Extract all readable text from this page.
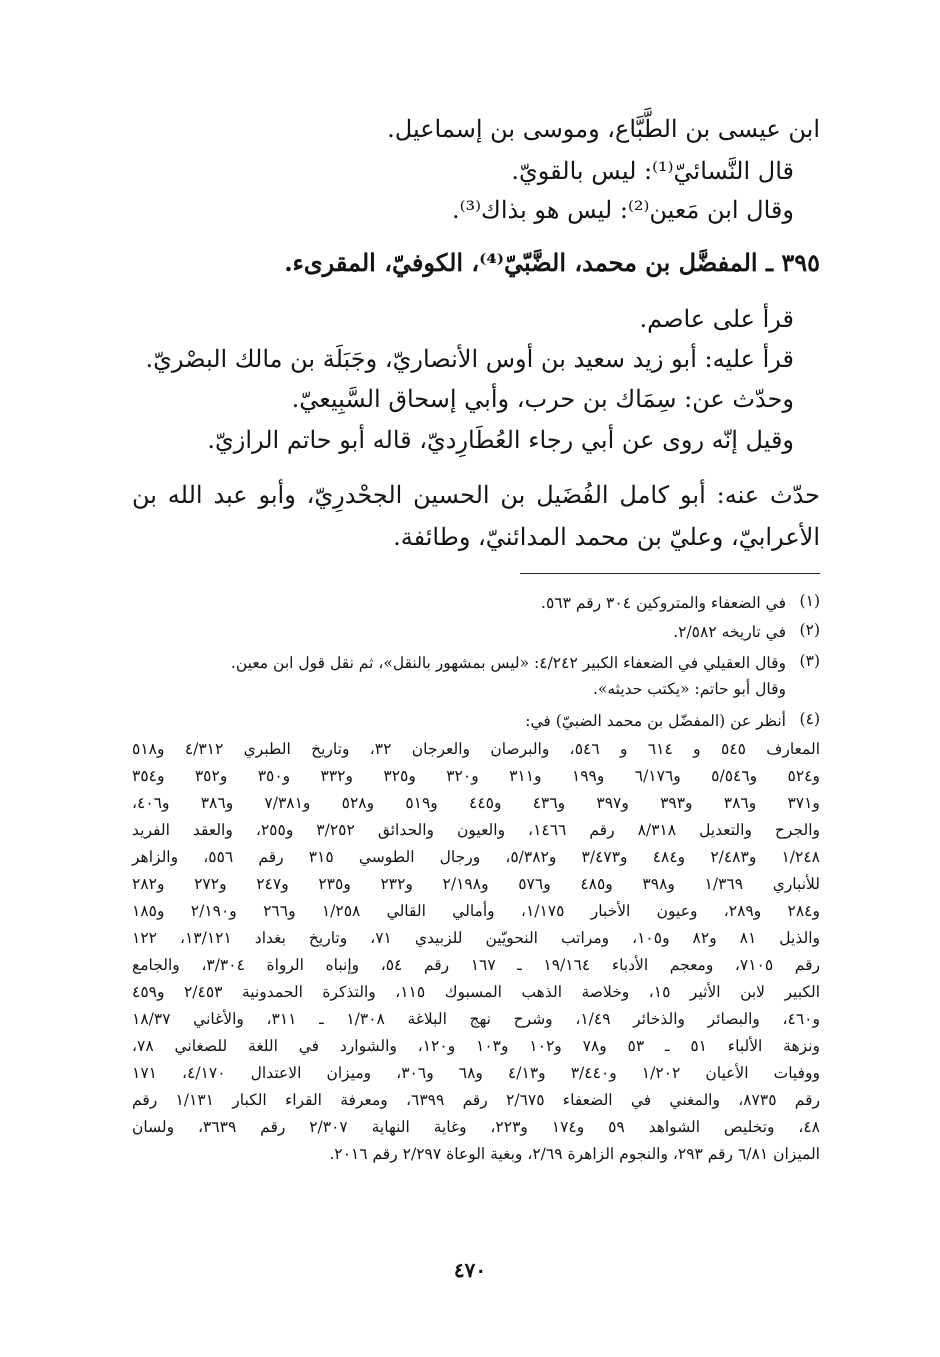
ابن عيسى بن الطَّبَّاع، وموسى بن إسماعيل.
قال النَّسائيّ⁽¹⁾: ليس بالقويّ.
وقال ابن مَعين⁽²⁾: ليس هو بذاك⁽³⁾.
٣٩٥ ـ المفضَّل بن محمد، الضَّبّيّ⁽⁴⁾، الكوفيّ، المقرىء.
قرأ على عاصم.
قرأ عليه: أبو زيد سعيد بن أوس الأنصاريّ، وجَبَلَة بن مالك البصْريّ.
وحدّث عن: سِمَاك بن حرب، وأبي إسحاق السَّبِيعيّ.
وقيل إنّه روى عن أبي رجاء العُطَارِديّ، قاله أبو حاتم الرازيّ.
حدّث عنه: أبو كامل الفُضَيل بن الحسين الجحْدرِيّ، وأبو عبد الله بن
الأعرابيّ، وعليّ بن محمد المدائنيّ، وطائفة.
(١)
في الضعفاء والمتروكين ٣٠٤ رقم ٥٦٣.
(٢)
في تاريخه ٢/٥٨٢.
(٣)
وقال العقيلي في الضعفاء الكبير ٤/٢٤٢: «ليس بمشهور بالنقل»، ثم نقل قول ابن معين.
وقال أبو حاتم: «يكتب حديثه».
(٤)
أنظر عن (المفضّل بن محمد الضبيّ) في:
المعارف ٥٤٥ و ٦١٤ و ٥٤٦، والبرصان والعرجان ٣٢، وتاريخ الطبري ٤/٣١٢ و٥١٨
و٥٢٤ و٥/٥٤٦ و٦/١٧٦ و١٩٩ و٣١١ و٣٢٠ و٣٢٥ و٣٣٢ و٣٥٠ و٣٥٢ و٣٥٤
و٣٧١ و٣٨٦ و٣٩٣ و٣٩٧ و٤٣٦ و٤٤٥ و٥١٩ و٥٢٨ و٧/٣٨١ و٣٨٦ و٤٠٦،
والجرح والتعديل ٨/٣١٨ رقم ١٤٦٦، والعيون والحدائق ٣/٢٥٢ و٢٥٥، والعقد الفريد
١/٢٤٨ و٢/٤٨٣ و٤٨٤ و٣/٤٧٣ و٥/٣٨٢، ورجال الطوسي ٣١٥ رقم ٥٥٦، والزاهر
للأنباري ١/٣٦٩ و٣٩٨ و٤٨٥ و٥٧٦ و٢/١٩٨ و٢٣٢ و٢٣٥ و٢٤٧ و٢٧٢ و٢٨٢
و٢٨٤ و٢٨٩، وعيون الأخبار ١/١٧٥، وأمالي القالي ١/٢٥٨ و٢٦٦ و٢/١٩٠ و١٨٥
والذيل ٨١ و٨٢ و١٠٥، ومراتب النحويّين للزبيدي ٧١، وتاريخ بغداد ١٣/١٢١، ١٢٢
رقم ٧١٠٥، ومعجم الأدباء ١٩/١٦٤ ـ ١٦٧ رقم ٥٤، وإنباه الرواة ٣/٣٠٤، والجامع
الكبير لابن الأثير ١٥، وخلاصة الذهب المسبوك ١١٥، والتذكرة الحمدونية ٢/٤٥٣ و٤٥٩
و٤٦٠، والبصائر والذخائر ١/٤٩، وشرح نهج البلاغة ١/٣٠٨ ـ ٣١١، والأغاني ١٨/٣٧
ونزهة الألباء ٥١ ـ ٥٣ و٧٨ و١٠٢ و١٠٣ و١٢٠، والشوارد في اللغة للصغاني ٧٨،
ووفيات الأعيان ١/٢٠٢ و٣/٤٤٠ و٤/١٣ و٦٨ و٣٠٦، وميزان الاعتدال ٤/١٧٠، ١٧١
رقم ٨٧٣٥، والمغني في الضعفاء ٢/٦٧٥ رقم ٦٣٩٩، ومعرفة القراء الكبار ١/١٣١ رقم
٤٨، وتخليص الشواهد ٥٩ و١٧٤ و٢٢٣، وغاية النهاية ٢/٣٠٧ رقم ٣٦٣٩، ولسان
الميزان ٦/٨١ رقم ٢٩٣، والنجوم الزاهرة ٢/٦٩، وبغية الوعاة ٢/٢٩٧ رقم ٢٠١٦.
٤٧٠
